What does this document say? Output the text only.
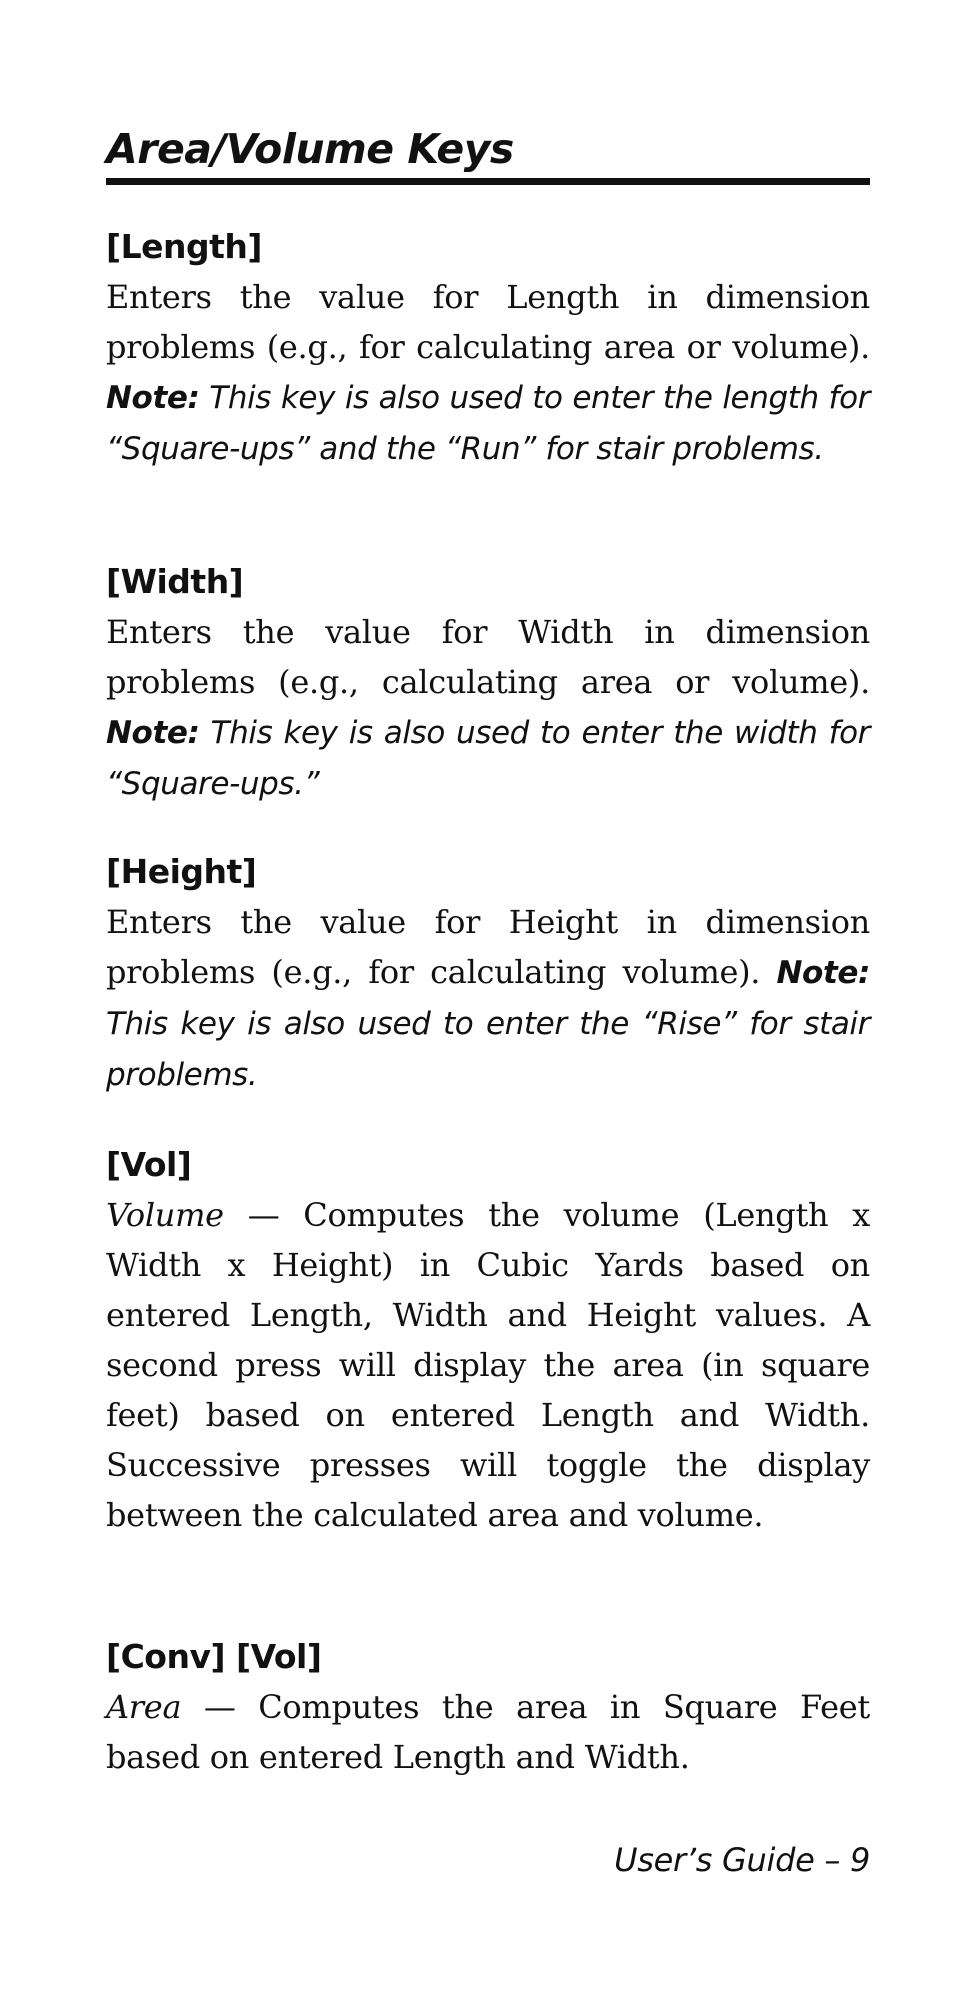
Area/Volume Keys
[Length]
Enters the value for Length in dimension problems (e.g., for calculating area or volume). Note: This key is also used to enter the length for “Square-ups” and the “Run” for stair problems.
[Width]
Enters the value for Width in dimension problems (e.g., calculating area or volume). Note: This key is also used to enter the width for “Square-ups.”
[Height]
Enters the value for Height in dimension problems (e.g., for calculating volume). Note: This key is also used to enter the “Rise” for stair problems.
[Vol]
Volume — Computes the volume (Length x Width x Height) in Cubic Yards based on entered Length, Width and Height values. A second press will display the area (in square feet) based on entered Length and Width. Successive presses will toggle the display between the calculated area and volume.
[Conv] [Vol]
Area — Computes the area in Square Feet based on entered Length and Width.
User’s Guide – 9
